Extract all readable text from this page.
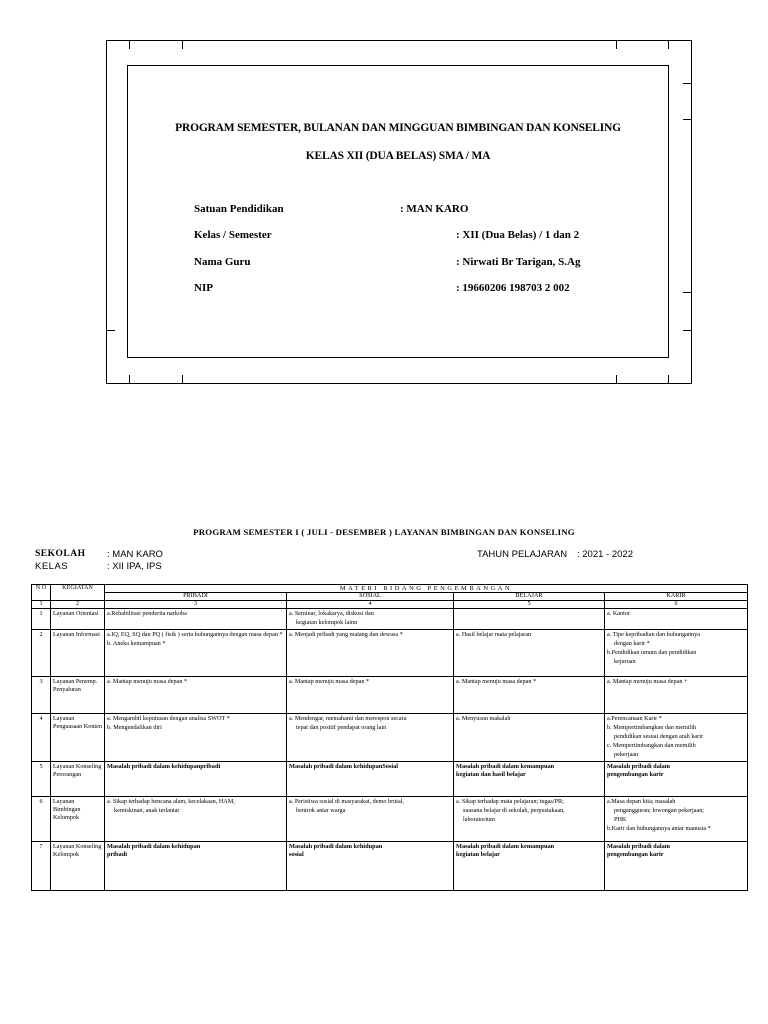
PROGRAM SEMESTER, BULANAN DAN MINGGUAN BIMBINGAN DAN KONSELING
KELAS XII (DUA BELAS) SMA / MA
Satuan Pendidikan	: MAN KARO
Kelas / Semester	: XII (Dua Belas) / 1 dan 2
Nama Guru	: Nirwati Br Tarigan, S.Ag
NIP	: 19660206 198703 2 002
PROGRAM SEMESTER I ( JULI - DESEMBER ) LAYANAN BIMBINGAN DAN KONSELING
SEKOLAH : MAN KARO
KELAS	: XII IPA, IPS
TAHUN PELAJARAN : 2021 - 2022
N O	KEGIATAN	MATERI BIDANG PENGEMBANGAN			
		PRIBADI	SOSIAL	BELAJAR	KARIR
1	2	3	4	5	6
1	Layanan Orientasi	a.Rehabilitasi penderita narkoba	a. Seminar, lokakarya, diskusi dan
kegiatan kelompok lainn		a. Kantor

2	Layanan Informasi	a.IQ, EQ, SQ dan PQ ( fisik ) serta hubungannya dengan masa depan *
b. Aneka kemampuan *	a. Menjadi pribadi yang matang dan dewasa *	a. Hasil belajar mata pelajaran	a. Tipe kepribadian dan hubungannya
dengan karir *
b.Pendidikan umum dan pendidikan
kejuruan

3	Layanan Penemp. Penyaluran	a. Mantap menuju masa depan *	a. Mantap menuju masa depan *	a. Mantap menuju masa depan *	a. Mantap menuju masa depan +

4	Layanan Penguasaan Konten	a. Mengambil keputusan dengan analisa SWOT *
b. Mengendalikan diri	a. Mendengar, memahami dan merespon secara
tepat dan positif pendapat orang lain	a. Menyusun makalah	a.Perencanaan Karir *
b. Mempertimbangkan dan memilih
pendidikan sesuai dengan arah karir
c. Mempertimbangkan dan memilih
pekerjaan

5	Layanan Konseling Perorangan	Masalah pribadi dalam kehidupanpribadi	Masalah pribadi dalam kehidupanSosial	Masalah pribadi dalam kemampuan
kegiatan dan hasil belajar	Masalah pribadi dalam
pengembangan karir

6	Layanan Bimbingan Kelompok	a. Sikap terhadap bencana alam, kecelakaan, HAM,
kemiskinan, anak terlantar	a. Peristiwa sosial di masyarakat, demo brutal,
bentrok antar warga	a. Sikap terhadap mata pelajaran; tugas/PR;
suasana belajar di sekolah, perpustakaan,
laboratorium	a.Masa depan kita; masalah
pengangguran; lowongan pekerjaan;
PHK
b.Karir dan hubungannya antar manusia *

7	Layanan Konseling Kelompok	Masalah pribadi dalam kehidupan
pribadi	Masalah pribadi dalam kehidupan
sosial	Masalah pribadi dalam kemampuan
kegiatan belajar	Masalah pribadi dalam
pengembangan karir
